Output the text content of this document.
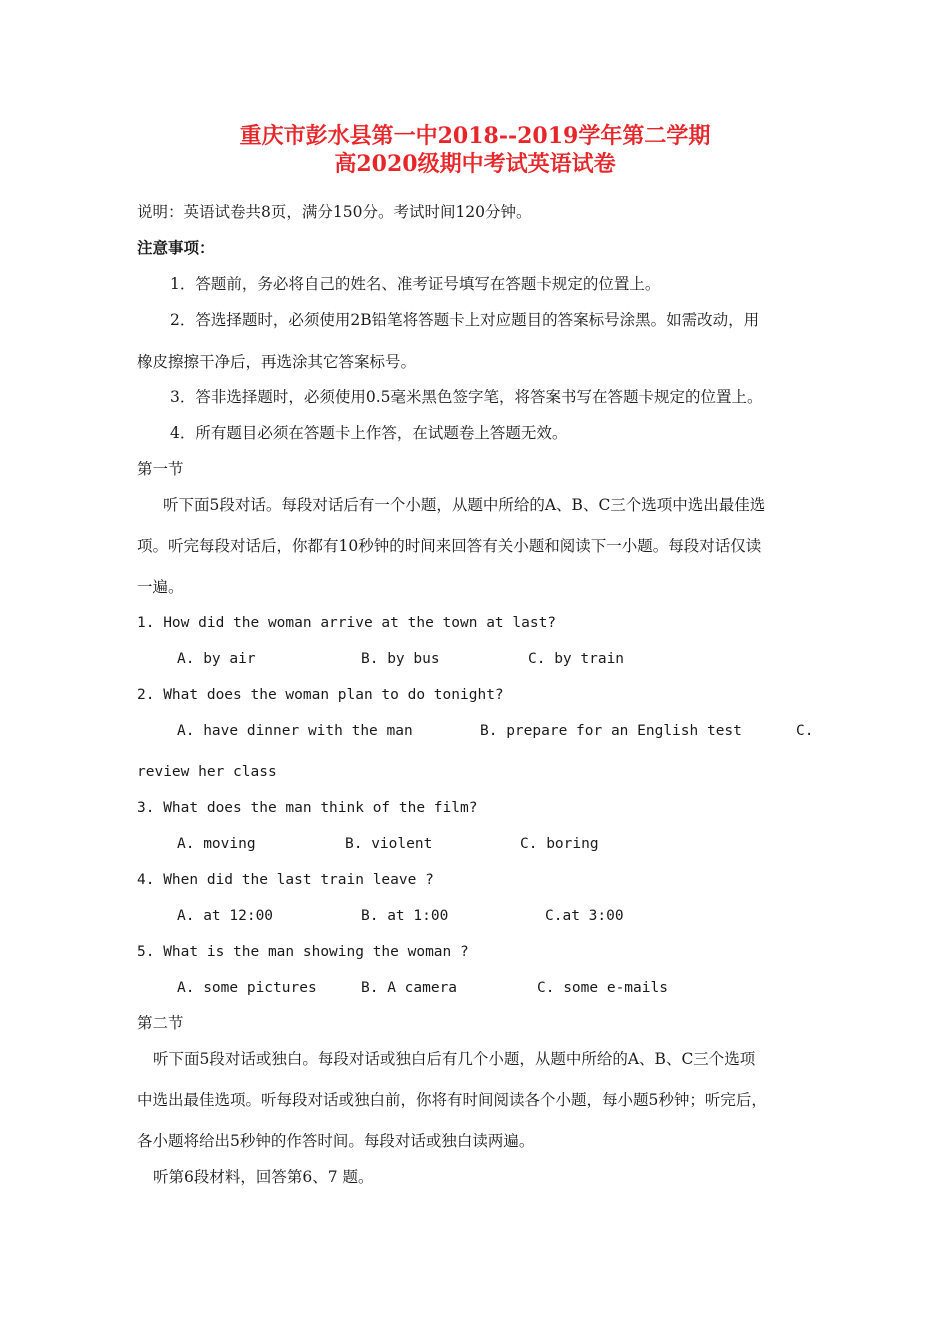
重庆市彭水县第一中2018--2019学年第二学期
高2020级期中考试英语试卷
说明：英语试卷共8页，满分150分。考试时间120分钟。
注意事项：
1．答题前，务必将自己的姓名、准考证号填写在答题卡规定的位置上。
2．答选择题时，必须使用2B铅笔将答题卡上对应题目的答案标号涂黑。如需改动，用
橡皮擦擦干净后，再选涂其它答案标号。
3．答非选择题时，必须使用0.5毫米黑色签字笔，将答案书写在答题卡规定的位置上。
4．所有题目必须在答题卡上作答，在试题卷上答题无效。
第一节
听下面5段对话。每段对话后有一个小题，从题中所给的A、B、C三个选项中选出最佳选
项。听完每段对话后，你都有10秒钟的时间来回答有关小题和阅读下一小题。每段对话仅读
一遍。
1. How did the woman arrive at the town at last?
A. by air	B. by bus	C. by train
2. What does the woman plan to do tonight?
A. have dinner with the man	B. prepare for an English test	C.
review her class
3. What does the man think of the film?
A. moving	B. violent	C. boring
4. When did the last train leave ?
A. at 12:00	B. at 1:00	C.at 3:00
5. What is the man showing the woman ?
A. some pictures	B. A camera	C. some e-mails
第二节
听下面5段对话或独白。每段对话或独白后有几个小题，从题中所给的A、B、C三个选项
中选出最佳选项。听每段对话或独白前，你将有时间阅读各个小题，每小题5秒钟；听完后，
各小题将给出5秒钟的作答时间。每段对话或独白读两遍。
听第6段材料，回答第6、7 题。
